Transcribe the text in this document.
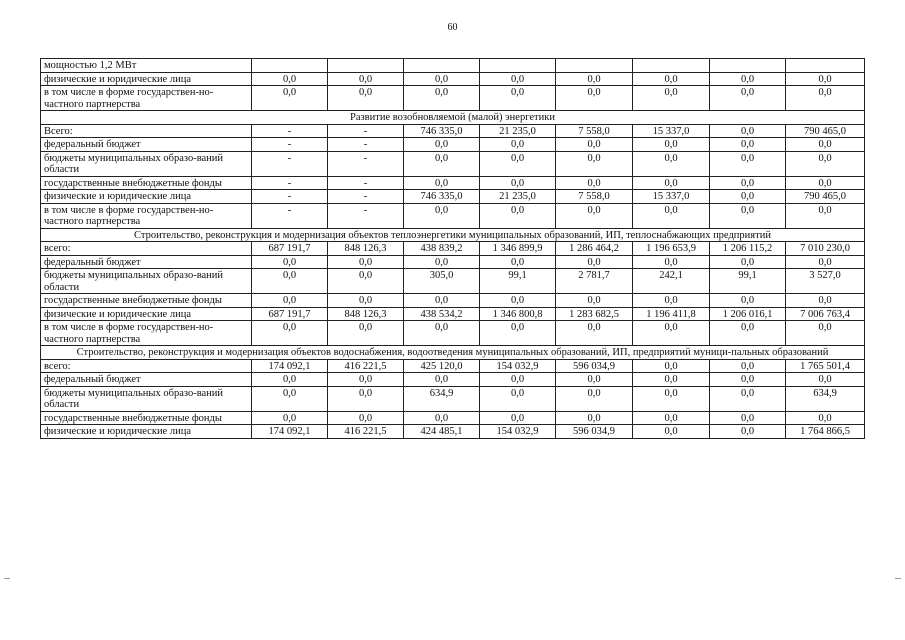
60
мощностью 1,2 МВт								
физические и юридические лица	0,0	0,0	0,0	0,0	0,0	0,0	0,0	0,0
в том числе в форме государствен-но-частного партнерства	0,0	0,0	0,0	0,0	0,0	0,0	0,0	0,0
Развитие возобновляемой (малой) энергетики								
Всего:	-	-	746 335,0	21 235,0	7 558,0	15 337,0	0,0	790 465,0
федеральный бюджет	-	-	0,0	0,0	0,0	0,0	0,0	0,0
бюджеты муниципальных образо-ваний области	-	-	0,0	0,0	0,0	0,0	0,0	0,0
государственные внебюджетные фонды	-	-	0,0	0,0	0,0	0,0	0,0	0,0
физические и юридические лица	-	-	746 335,0	21 235,0	7 558,0	15 337,0	0,0	790 465,0
в том числе в форме государствен-но-частного партнерства	-	-	0,0	0,0	0,0	0,0	0,0	0,0
Строительство, реконструкция и модернизация объектов теплоэнергетики муниципальных образований, ИП, теплоснабжающих предприятий								
всего:	687 191,7	848 126,3	438 839,2	1 346 899,9	1 286 464,2	1 196 653,9	1 206 115,2	7 010 230,0
федеральный бюджет	0,0	0,0	0,0	0,0	0,0	0,0	0,0	0,0
бюджеты муниципальных образо-ваний области	0,0	0,0	305,0	99,1	2 781,7	242,1	99,1	3 527,0
государственные внебюджетные фонды	0,0	0,0	0,0	0,0	0,0	0,0	0,0	0,0
физические и юридические лица	687 191,7	848 126,3	438 534,2	1 346 800,8	1 283 682,5	1 196 411,8	1 206 016,1	7 006 763,4
в том числе в форме государствен-но-частного партнерства	0,0	0,0	0,0	0,0	0,0	0,0	0,0	0,0
Строительство, реконструкция и модернизация объектов водоснабжения, водоотведения муниципальных образований, ИП, предприятий муници-пальных образований								
всего:	174 092,1	416 221,5	425 120,0	154 032,9	596 034,9	0,0	0,0	1 765 501,4
федеральный бюджет	0,0	0,0	0,0	0,0	0,0	0,0	0,0	0,0
бюджеты муниципальных образо-ваний области	0,0	0,0	634,9	0,0	0,0	0,0	0,0	634,9
государственные внебюджетные фонды	0,0	0,0	0,0	0,0	0,0	0,0	0,0	0,0
физические и юридические лица	174 092,1	416 221,5	424 485,1	154 032,9	596 034,9	0,0	0,0	1 764 866,5
